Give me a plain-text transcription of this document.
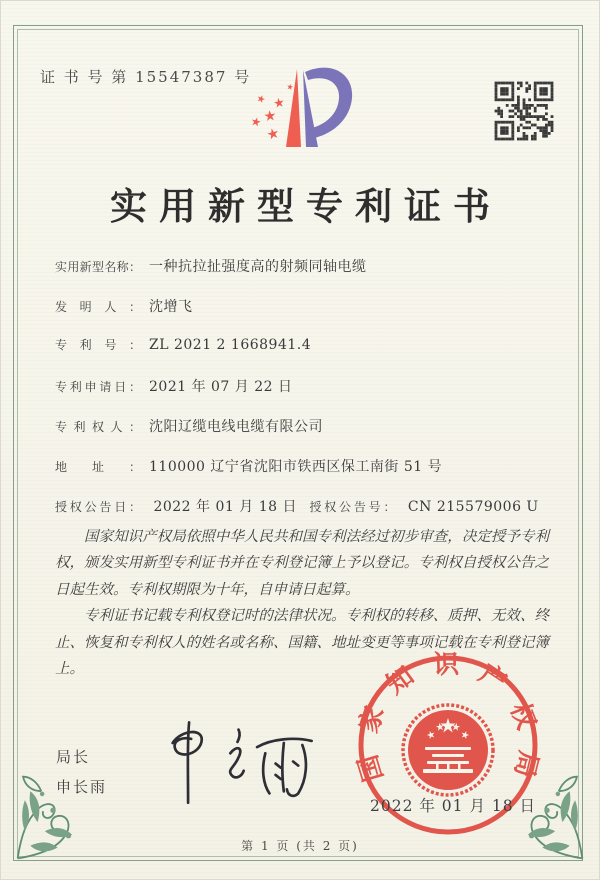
证 书 号 第 15547387 号
实用新型专利证书
实用新型名称： 一种抗拉扯强度高的射频同轴电缆
发明人： 沈增飞
专利号： ZL 2021 2 1668941.4
专利申请日： 2021 年 07 月 22 日
专利权人： 沈阳辽缆电线电缆有限公司
地址： 110000 辽宁省沈阳市铁西区保工南街 51 号
授权公告日： 2022 年 01 月 18 日 授权公告号： CN 215579006 U

国家知识产权局依照中华人民共和国专利法经过初步审查，决定授予专利权，颁发实用新型专利证书并在专利登记簿上予以登记。专利权自授权公告之日起生效。专利权期限为十年，自申请日起算。

专利证书记载专利权登记时的法律状况。专利权的转移、质押、无效、终止、恢复和专利权人的姓名或名称、国籍、地址变更等事项记载在专利登记簿上。

局长
申长雨
国家知识产权局
2022 年 01 月 18 日
第 1 页 (共 2 页)
